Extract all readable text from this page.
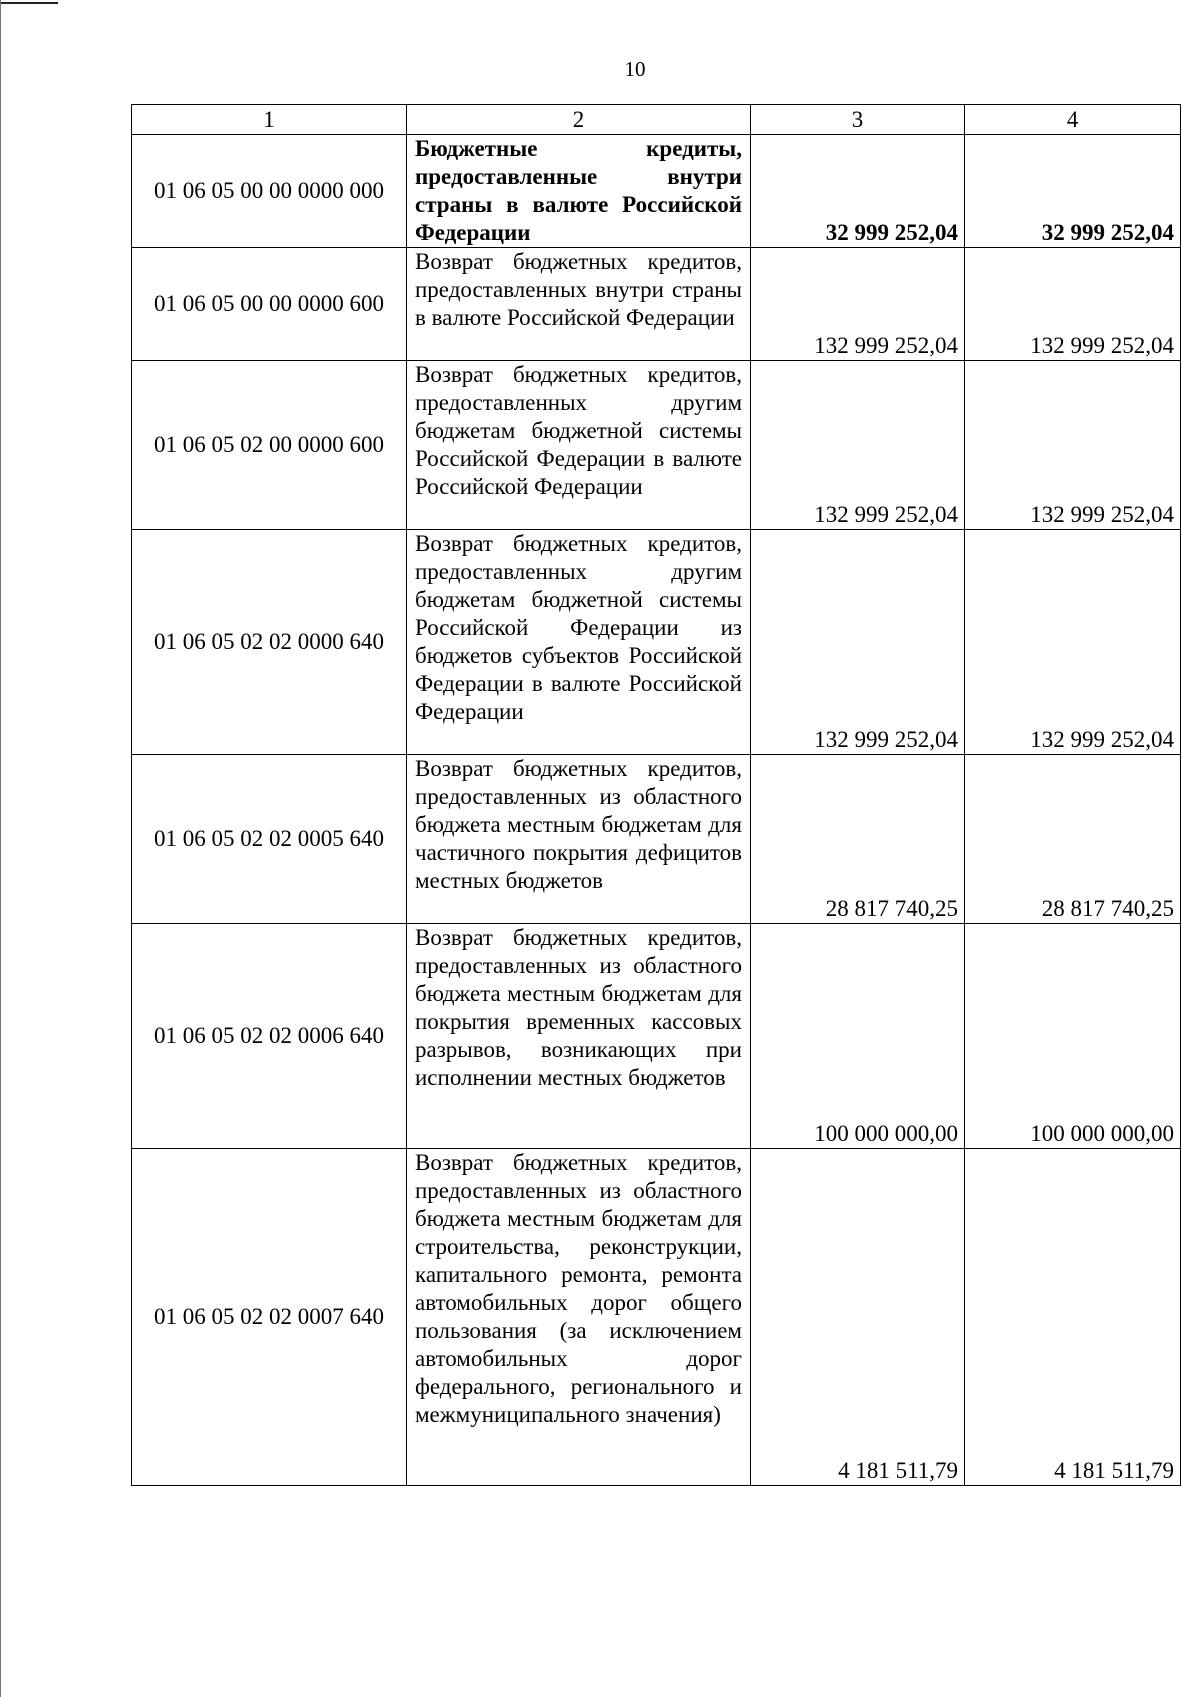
10
1	2	3	4
01 06 05 00 00 0000 000	Бюджетные кредиты, предоставленные внутри страны в валюте Российской Федерации	32 999 252,04	32 999 252,04
01 06 05 00 00 0000 600	Возврат бюджетных кредитов, предоставленных внутри страны в валюте Российской Федерации	132 999 252,04	132 999 252,04
01 06 05 02 00 0000 600	Возврат бюджетных кредитов, предоставленных другим бюджетам бюджетной системы Российской Федерации в валюте Российской Федерации	132 999 252,04	132 999 252,04
01 06 05 02 02 0000 640	Возврат бюджетных кредитов, предоставленных другим бюджетам бюджетной системы Российской Федерации из бюджетов субъектов Российской Федерации в валюте Российской Федерации	132 999 252,04	132 999 252,04
01 06 05 02 02 0005 640	Возврат бюджетных кредитов, предоставленных из областного бюджета местным бюджетам для частичного покрытия дефицитов местных бюджетов	28 817 740,25	28 817 740,25
01 06 05 02 02 0006 640	Возврат бюджетных кредитов, предоставленных из областного бюджета местным бюджетам для покрытия временных кассовых разрывов, возникающих при исполнении местных бюджетов	100 000 000,00	100 000 000,00
01 06 05 02 02 0007 640	Возврат бюджетных кредитов, предоставленных из областного бюджета местным бюджетам для строительства, реконструкции, капитального ремонта, ремонта автомобильных дорог общего пользования (за исключением автомобильных дорог федерального, регионального и межмуниципального значения)	4 181 511,79	4 181 511,79
